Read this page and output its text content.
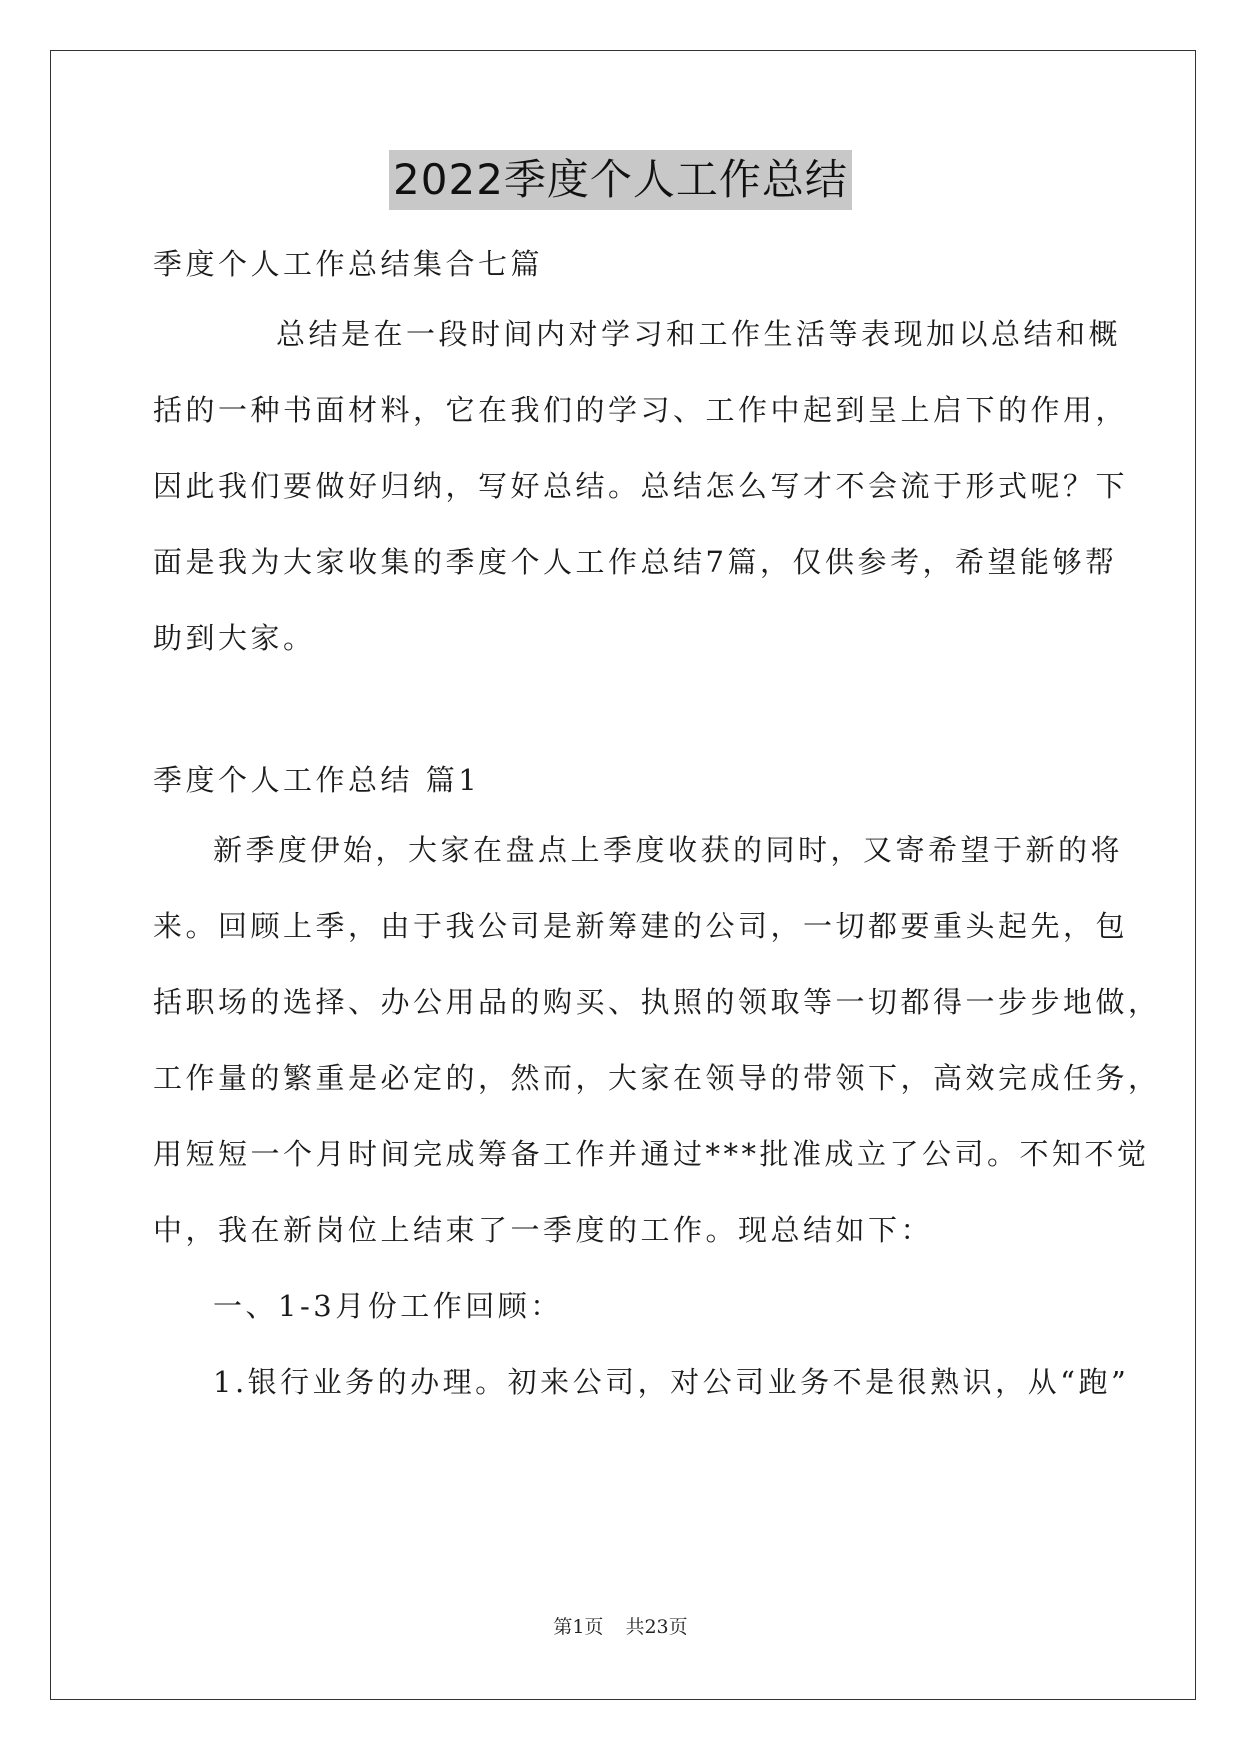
2022季度个人工作总结
季度个人工作总结集合七篇
总结是在一段时间内对学习和工作生活等表现加以总结和概
括的一种书面材料，它在我们的学习、工作中起到呈上启下的作用，
因此我们要做好归纳，写好总结。总结怎么写才不会流于形式呢？下
面是我为大家收集的季度个人工作总结7篇，仅供参考，希望能够帮
助到大家。
季度个人工作总结 篇1
新季度伊始，大家在盘点上季度收获的同时，又寄希望于新的将
来。回顾上季，由于我公司是新筹建的公司，一切都要重头起先，包
括职场的选择、办公用品的购买、执照的领取等一切都得一步步地做，
工作量的繁重是必定的，然而，大家在领导的带领下，高效完成任务，
用短短一个月时间完成筹备工作并通过***批准成立了公司。不知不觉
中，我在新岗位上结束了一季度的工作。现总结如下：
一、1-3月份工作回顾：
1.银行业务的办理。初来公司，对公司业务不是很熟识，从“跑”
第1页 共23页
